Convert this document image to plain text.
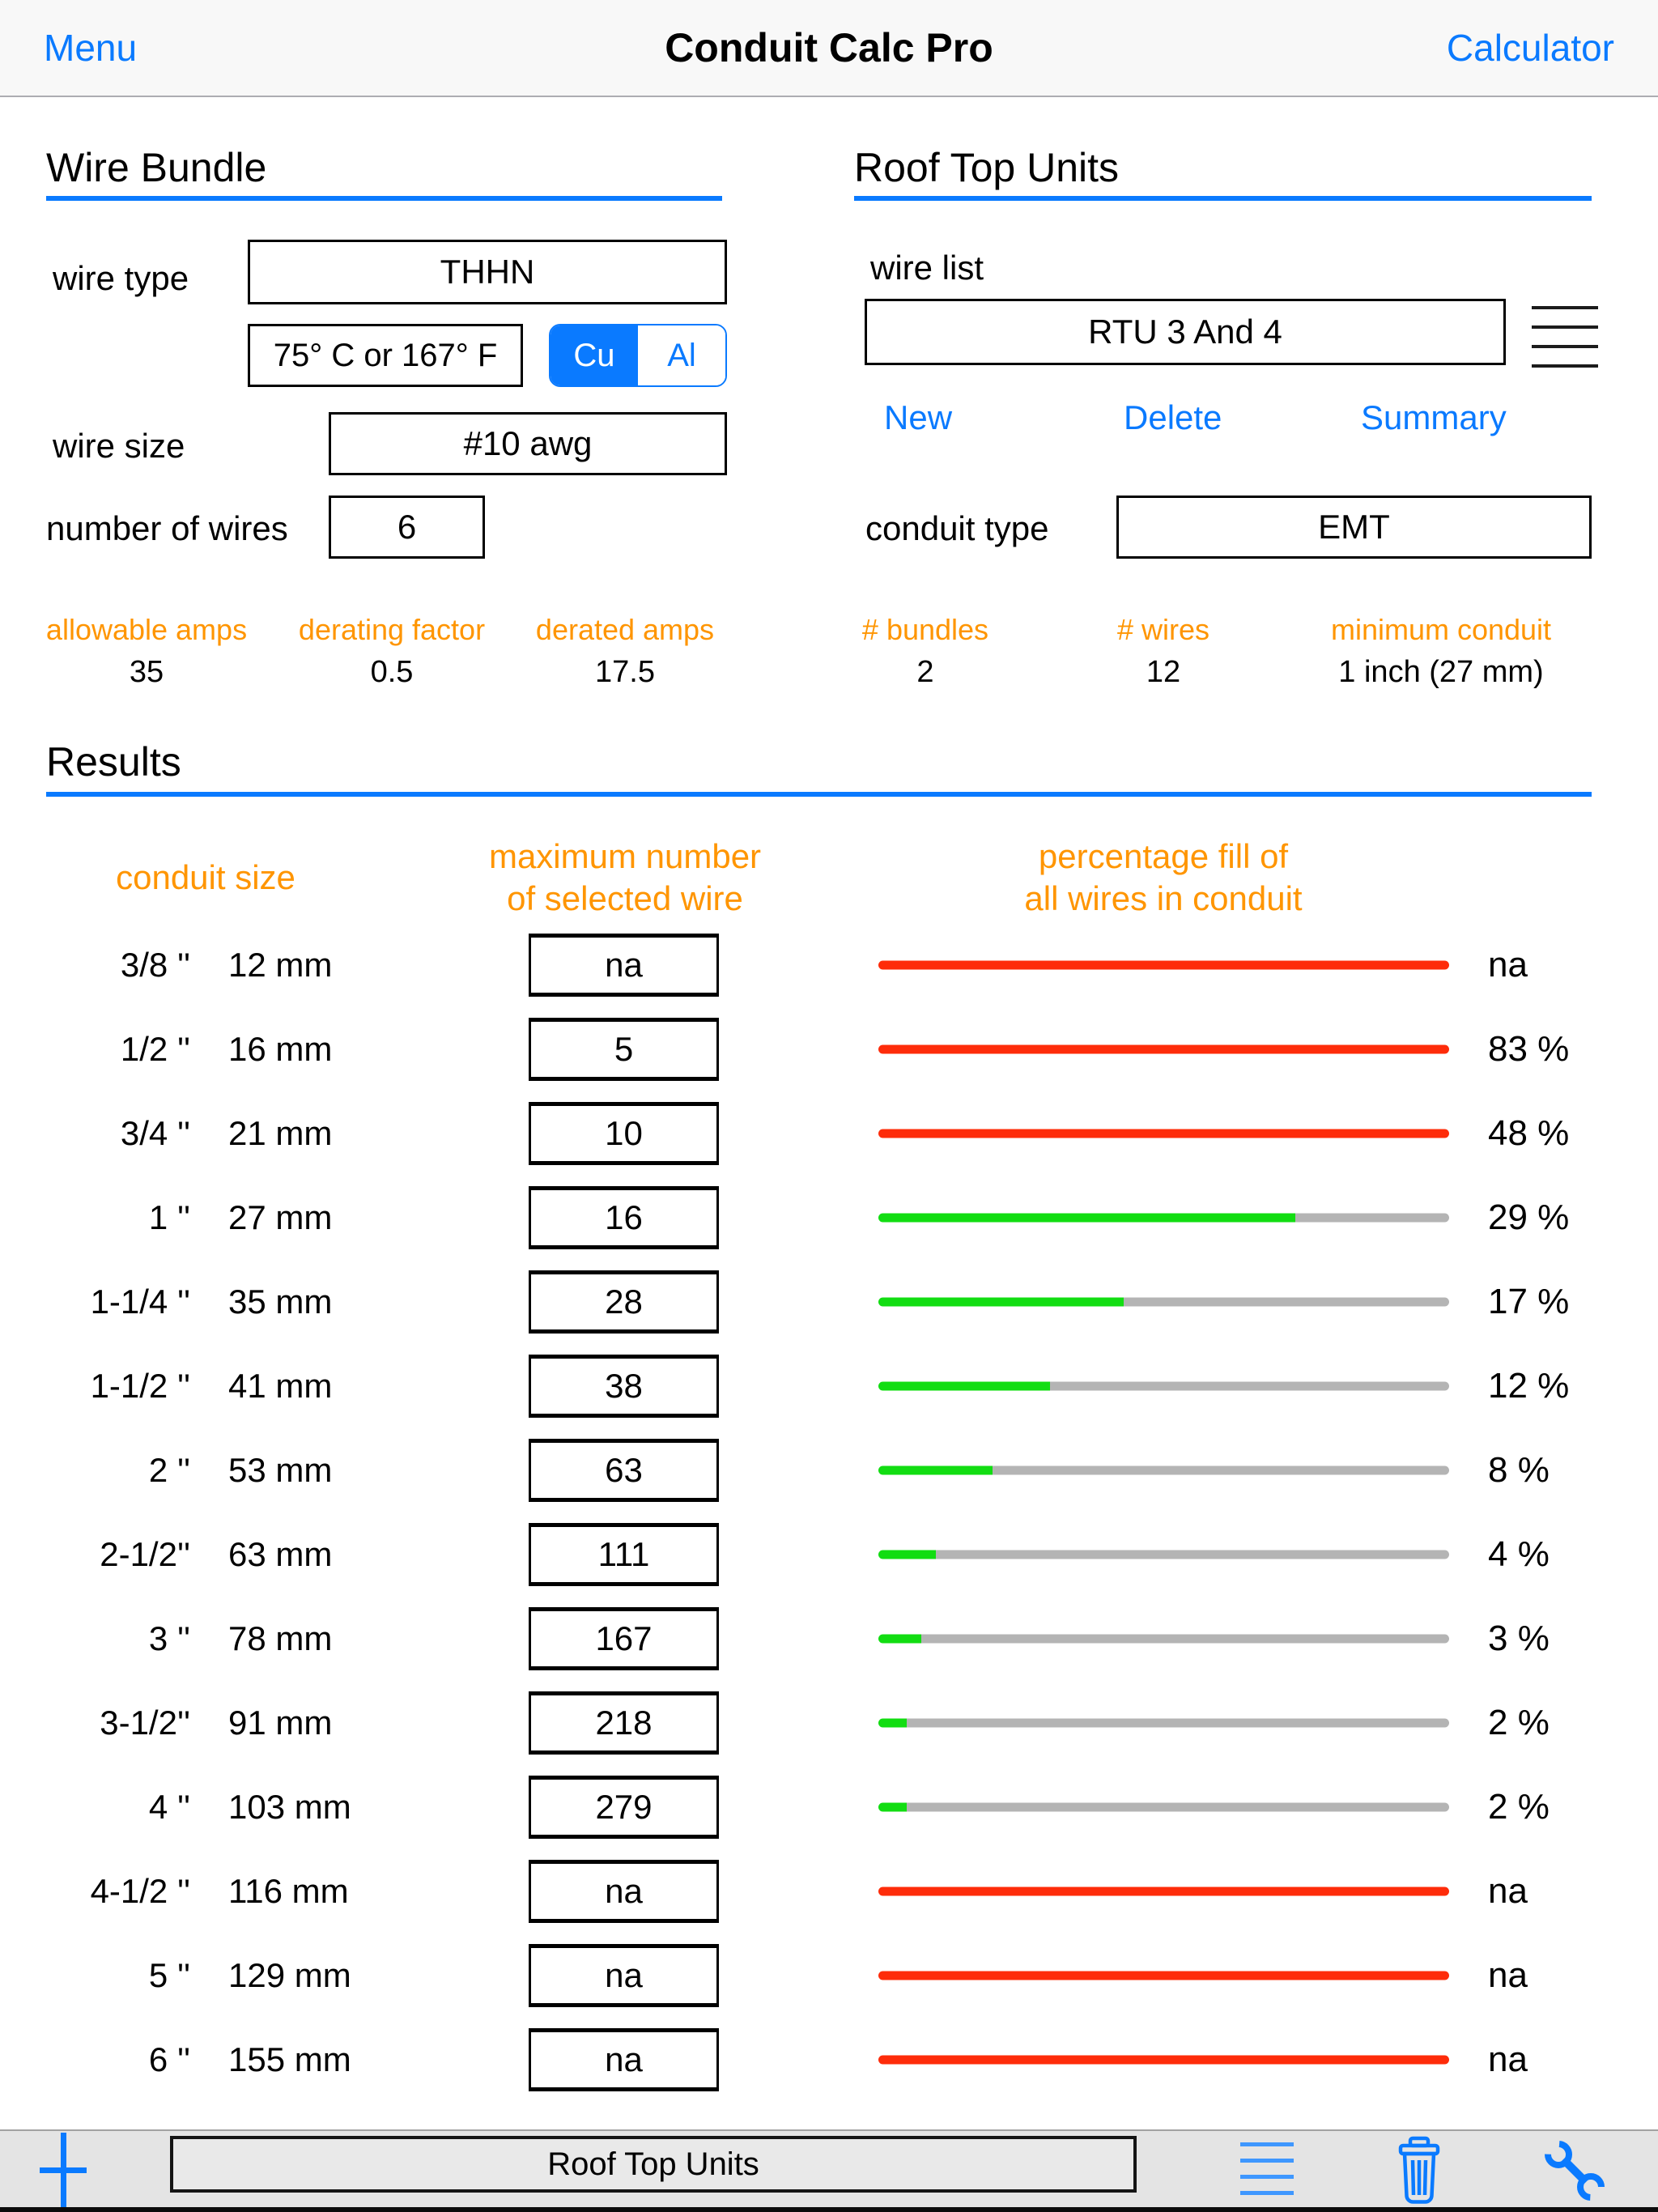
Menu	Conduit Calc Pro	Calculator
Wire Bundle
wire type	THHN
75° C or 167° F	Cu	Al
wire size	#10 awg
number of wires	6
Roof Top Units
wire list
RTU 3 And 4
New	Delete	Summary
conduit type	EMT
allowable amps
35
derating factor
0.5
derated amps
17.5
# bundles
2
# wires
12
minimum conduit
1 inch (27 mm)
Results
conduit size
maximum number
of selected wire
percentage fill of
all wires in conduit
3/8 '' 12 mm	na	na
1/2 '' 16 mm	5	83 %
3/4 '' 21 mm	10	48 %
1 '' 27 mm	16	29 %
1-1/4 '' 35 mm	28	17 %
1-1/2 '' 41 mm	38	12 %
2 '' 53 mm	63	8 %
2-1/2'' 63 mm	111	4 %
3 '' 78 mm	167	3 %
3-1/2'' 91 mm	218	2 %
4 '' 103 mm	279	2 %
4-1/2 '' 116 mm	na	na
5 '' 129 mm	na	na
6 '' 155 mm	na	na
Roof Top Units
